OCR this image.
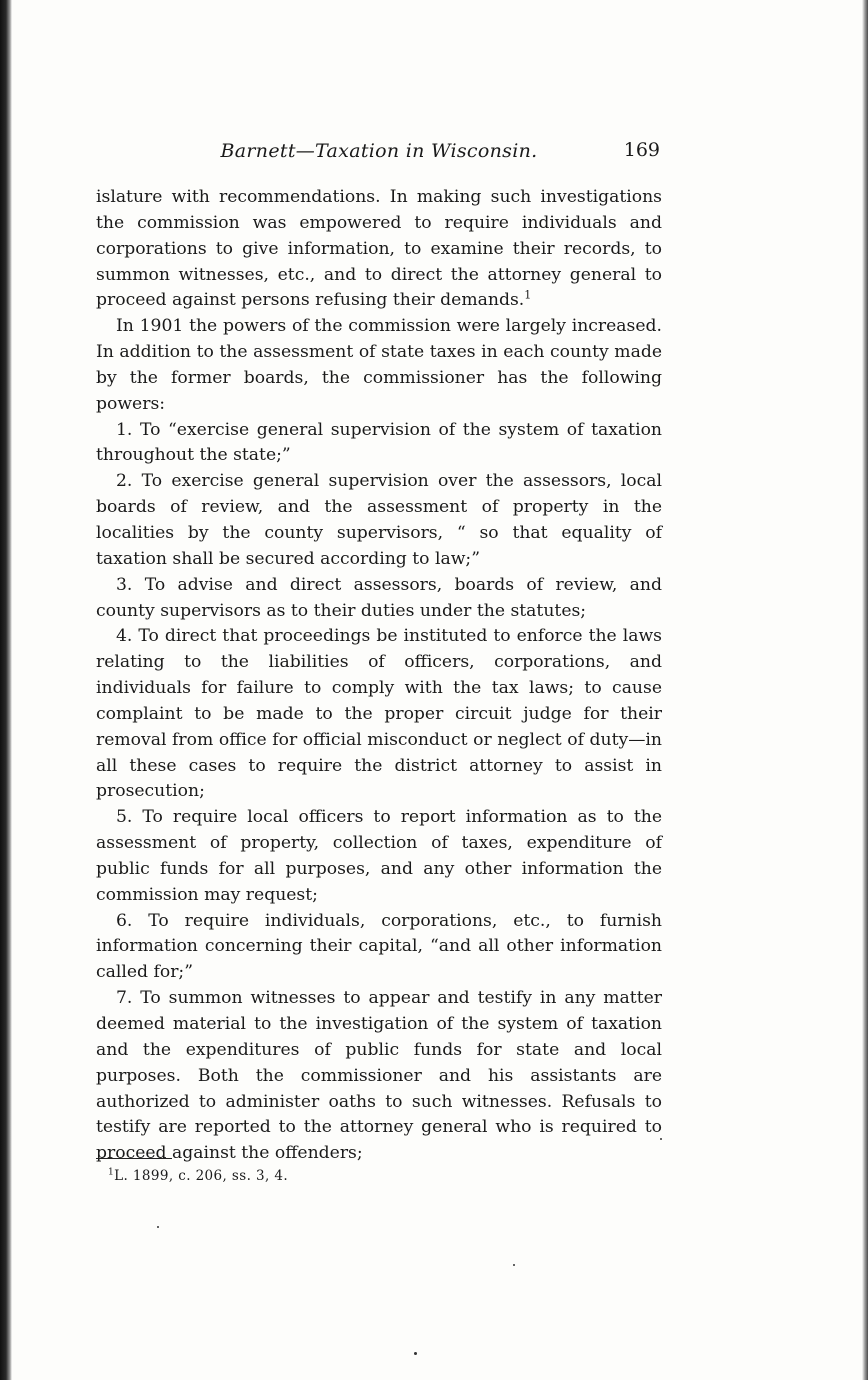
Barnett—Taxation in Wisconsin.	169

islature with recommendations. In making such investigations the commission was empowered to require individuals and corporations to give information, to examine their records, to summon witnesses, etc., and to direct the attorney general to proceed against persons refusing their demands.$^1$

In 1901 the powers of the commission were largely increased. In addition to the assessment of state taxes in each county made by the former boards, the commissioner has the following powers:

1. To “exercise general supervision of the system of taxation throughout the state;”

2. To exercise general supervision over the assessors, local boards of review, and the assessment of property in the localities by the county supervisors, “ so that equality of taxation shall be secured according to law;”

3. To advise and direct assessors, boards of review, and county supervisors as to their duties under the statutes;

4. To direct that proceedings be instituted to enforce the laws relating to the liabilities of officers, corporations, and individuals for failure to comply with the tax laws; to cause complaint to be made to the proper circuit judge for their removal from office for official misconduct or neglect of duty—in all these cases to require the district attorney to assist in prosecution;

5. To require local officers to report information as to the assessment of property, collection of taxes, expenditure of public funds for all purposes, and any other information the commission may request;

6. To require individuals, corporations, etc., to furnish information concerning their capital, “and all other information called for;”

7. To summon witnesses to appear and testify in any matter deemed material to the investigation of the system of taxation and the expenditures of public funds for state and local purposes. Both the commissioner and his assistants are authorized to administer oaths to such witnesses. Refusals to testify are reported to the attorney general who is required to proceed against the offenders;

$^1$L. 1899, c. 206, ss. 3, 4.
